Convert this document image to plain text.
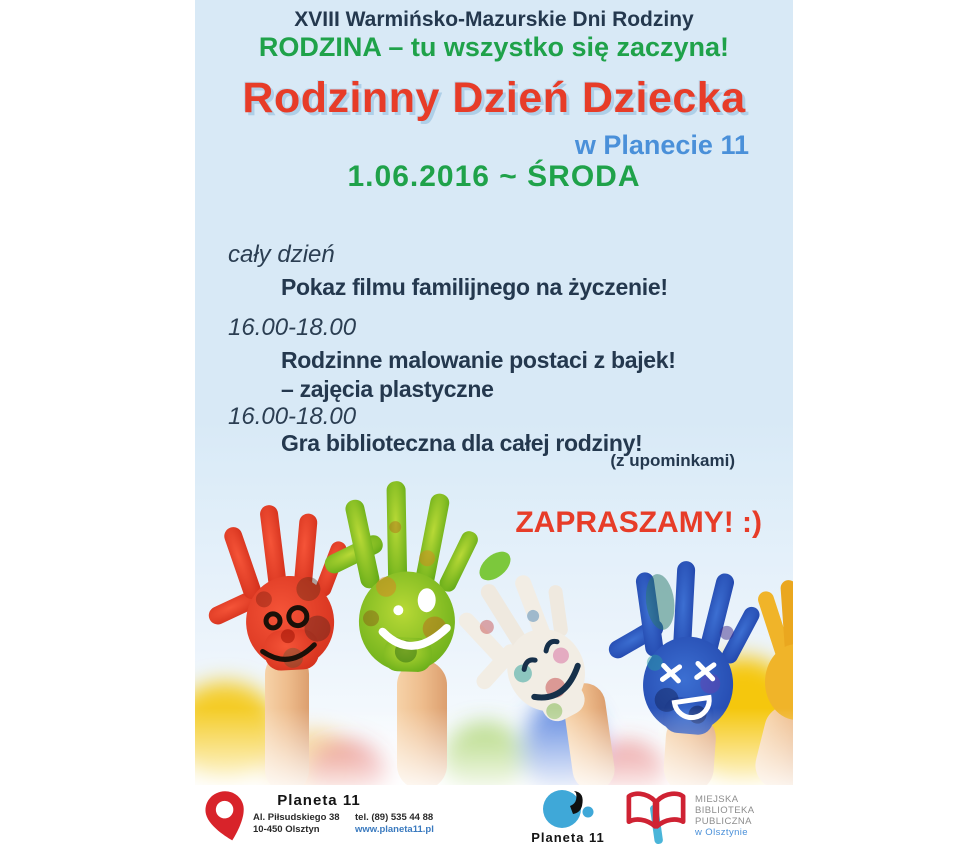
XVIII Warmińsko-Mazurskie Dni Rodziny
RODZINA – tu wszystko się zaczyna!
Rodzinny Dzień Dziecka
w Planecie 11
1.06.2016 ~ ŚRODA
cały dzień
Pokaz filmu familijnego na życzenie!
16.00-18.00
Rodzinne malowanie postaci z bajek!
– zajęcia plastyczne
16.00-18.00
Gra biblioteczna dla całej rodziny!
(z upominkami)
ZAPRASZAMY! :)
Planeta 11
Al. Piłsudskiego 38
10-450 Olsztyn
tel. (89) 535 44 88
www.planeta11.pl
Planeta 11
MIEJSKA
BIBLIOTEKA
PUBLICZNA
w Olsztynie
